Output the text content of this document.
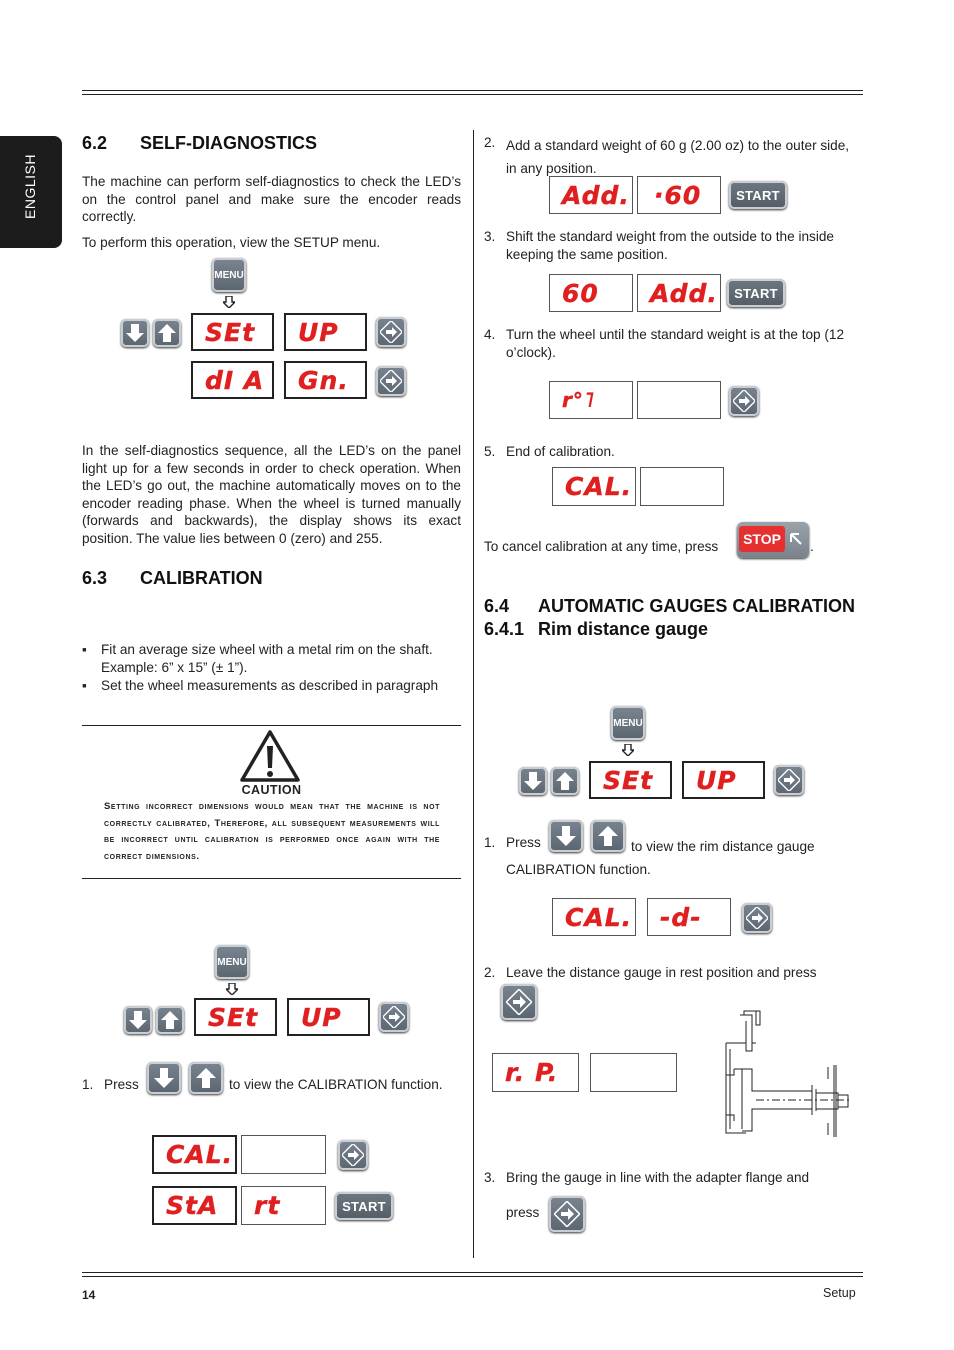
ENGLISH
6.2 SELF-DIAGNOSTICS
The machine can perform self-diagnostics to check the LED’s on the control panel and make sure the encoder reads correctly.
To perform this operation, view the SETUP menu.
MENU
SEt UP
dI A Gn.
In the self-diagnostics sequence, all the LED’s on the panel light up for a few seconds in order to check operation. When the LED’s go out, the machine automatically moves on to the encoder reading phase. When the wheel is turned manually (forwards and backwards), the display shows its exact position. The value lies between 0 (zero) and 255.
6.3 CALIBRATION
▪ Fit an average size wheel with a metal rim on the shaft. Example: 6” x 15” (± 1”).
▪ Set the wheel measurements as described in paragraph
CAUTION
Setting incorrect dimensions would mean that the machine is not correctly calibrated, Therefore, all subsequent measurements will be incorrect until calibration is performed once again with the correct dimensions.
MENU
SEt UP
1. Press	to view the CALIBRATION function.
CAL.
StA rt	START
2. Add a standard weight of 60 g (2.00 oz) to the outer side, in any position.
Add. ·60	START
3. Shift the standard weight from the outside to the inside keeping the same position.
60 Add. START
4. Turn the wheel until the standard weight is at the top (12 o’clock).
r°˥
5. End of calibration.
CAL.
To cancel calibration at any time, press STOP .
6.4 AUTOMATIC GAUGES CALIBRATION
6.4.1 Rim distance gauge
MENU
SEt UP
1. Press	to view the rim distance gauge CALIBRATION function.
CAL. -d-
2. Leave the distance gauge in rest position and press
r. P.
3. Bring the gauge in line with the adapter flange and
press
14	Setup
